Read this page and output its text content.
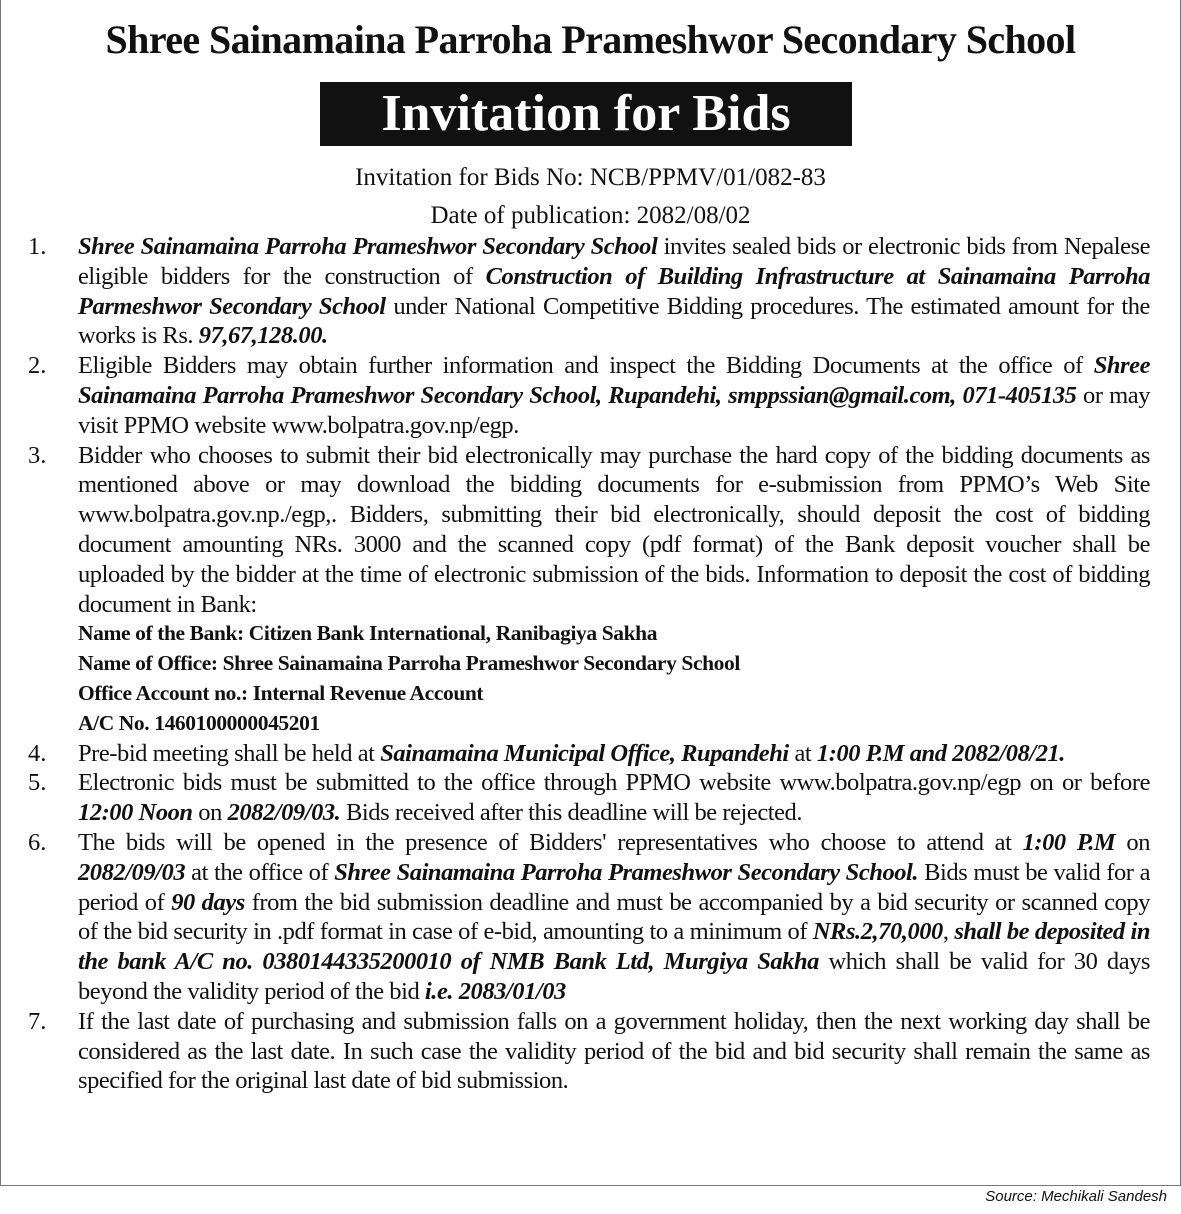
Shree Sainamaina Parroha Prameshwor Secondary School
Invitation for Bids
Invitation for Bids No: NCB/PPMV/01/082-83
Date of publication: 2082/08/02
1.	Shree Sainamaina Parroha Prameshwor Secondary School invites sealed bids or electronic bids from Nepalese eligible bidders for the construction of Construction of Building Infrastructure at Sainamaina Parroha Parmeshwor Secondary School under National Competitive Bidding procedures. The estimated amount for the works is Rs. 97,67,128.00.
2.	Eligible Bidders may obtain further information and inspect the Bidding Documents at the office of Shree Sainamaina Parroha Prameshwor Secondary School, Rupandehi, smppssian@gmail.com, 071-405135 or may visit PPMO website www.bolpatra.gov.np/egp.
3.	Bidder who chooses to submit their bid electronically may purchase the hard copy of the bidding documents as mentioned above or may download the bidding documents for e-submission from PPMO’s Web Site www.bolpatra.gov.np./egp,. Bidders, submitting their bid electronically, should deposit the cost of bidding document amounting NRs. 3000 and the scanned copy (pdf format) of the Bank deposit voucher shall be uploaded by the bidder at the time of electronic submission of the bids. Information to deposit the cost of bidding document in Bank:
Name of the Bank: Citizen Bank International, Ranibagiya Sakha
Name of Office: Shree Sainamaina Parroha Prameshwor Secondary School
Office Account no.: Internal Revenue Account
A/C No. 1460100000045201
4.	Pre-bid meeting shall be held at Sainamaina Municipal Office, Rupandehi at 1:00 P.M and 2082/08/21.
5.	Electronic bids must be submitted to the office through PPMO website www.bolpatra.gov.np/egp on or before 12:00 Noon on 2082/09/03. Bids received after this deadline will be rejected.
6.	The bids will be opened in the presence of Bidders' representatives who choose to attend at 1:00 P.M on 2082/09/03 at the office of Shree Sainamaina Parroha Prameshwor Secondary School. Bids must be valid for a period of 90 days from the bid submission deadline and must be accompanied by a bid security or scanned copy of the bid security in .pdf format in case of e-bid, amounting to a minimum of NRs.2,70,000, shall be deposited in the bank A/C no. 0380144335200010 of NMB Bank Ltd, Murgiya Sakha which shall be valid for 30 days beyond the validity period of the bid i.e. 2083/01/03
7.	If the last date of purchasing and submission falls on a government holiday, then the next working day shall be considered as the last date. In such case the validity period of the bid and bid security shall remain the same as specified for the original last date of bid submission.
Source: Mechikali Sandesh
